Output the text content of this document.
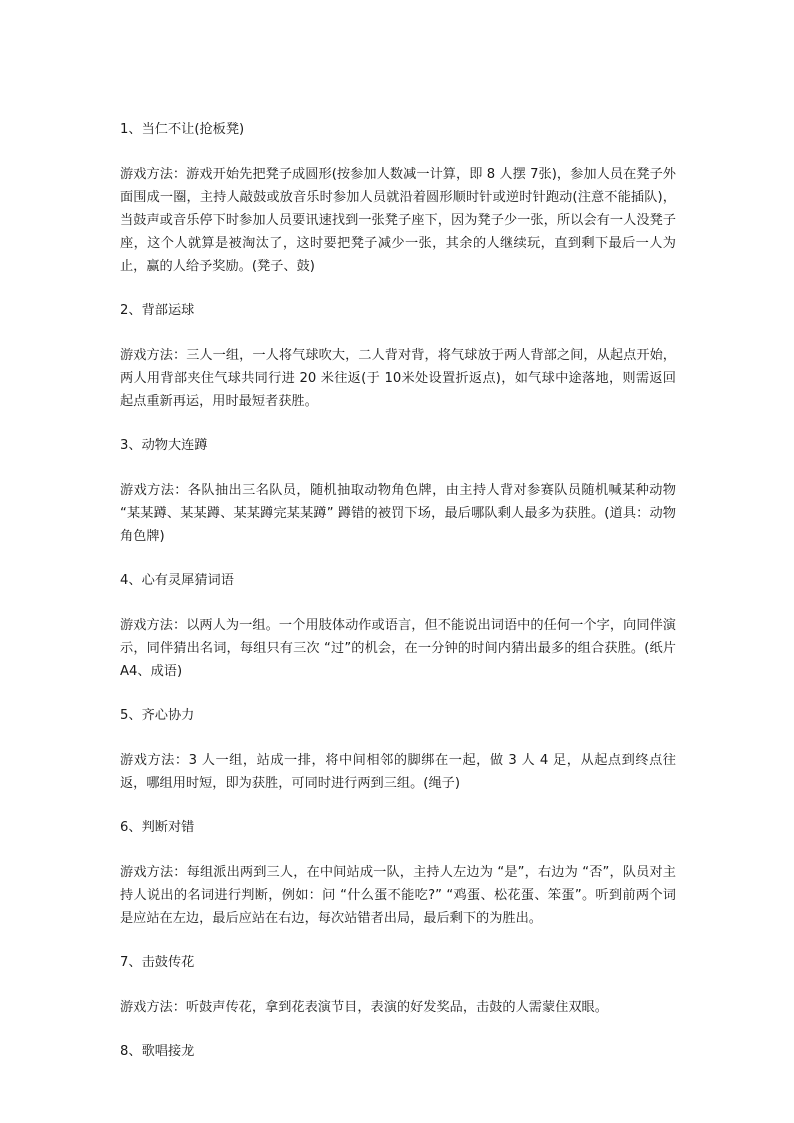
1、当仁不让(抢板凳)

游戏方法：游戏开始先把凳子成圆形(按参加人数减一计算，即 8 人摆 7张)，参加人员在凳子外面围成一圈，主持人敲鼓或放音乐时参加人员就沿着圆形顺时针或逆时针跑动(注意不能插队)，当鼓声或音乐停下时参加人员要讯速找到一张凳子座下，因为凳子少一张，所以会有一人没凳子座，这个人就算是被淘汰了，这时要把凳子减少一张，其余的人继续玩，直到剩下最后一人为止，赢的人给予奖励。(凳子、鼓)

2、背部运球

游戏方法：三人一组，一人将气球吹大，二人背对背，将气球放于两人背部之间，从起点开始，两人用背部夹住气球共同行进 20 米往返(于 10米处设置折返点)，如气球中途落地，则需返回起点重新再运，用时最短者获胜。

3、动物大连蹲

游戏方法：各队抽出三名队员，随机抽取动物角色牌，由主持人背对参赛队员随机喊某种动物 “某某蹲、某某蹲、某某蹲完某某蹲” 蹲错的被罚下场，最后哪队剩人最多为获胜。(道具：动物角色牌)

4、心有灵犀猜词语

游戏方法：以两人为一组。一个用肢体动作或语言，但不能说出词语中的任何一个字，向同伴演示，同伴猜出名词，每组只有三次 “过”的机会，在一分钟的时间内猜出最多的组合获胜。(纸片 A4、成语)

5、齐心协力

游戏方法：3 人一组，站成一排，将中间相邻的脚绑在一起，做 3 人 4 足，从起点到终点往返，哪组用时短，即为获胜，可同时进行两到三组。(绳子)

6、判断对错

游戏方法：每组派出两到三人，在中间站成一队，主持人左边为 “是”，右边为 “否”，队员对主持人说出的名词进行判断，例如：问 “什么蛋不能吃?” “鸡蛋、松花蛋、笨蛋”。听到前两个词是应站在左边，最后应站在右边，每次站错者出局，最后剩下的为胜出。

7、击鼓传花

游戏方法：听鼓声传花，拿到花表演节目，表演的好发奖品，击鼓的人需蒙住双眼。

8、歌唱接龙
